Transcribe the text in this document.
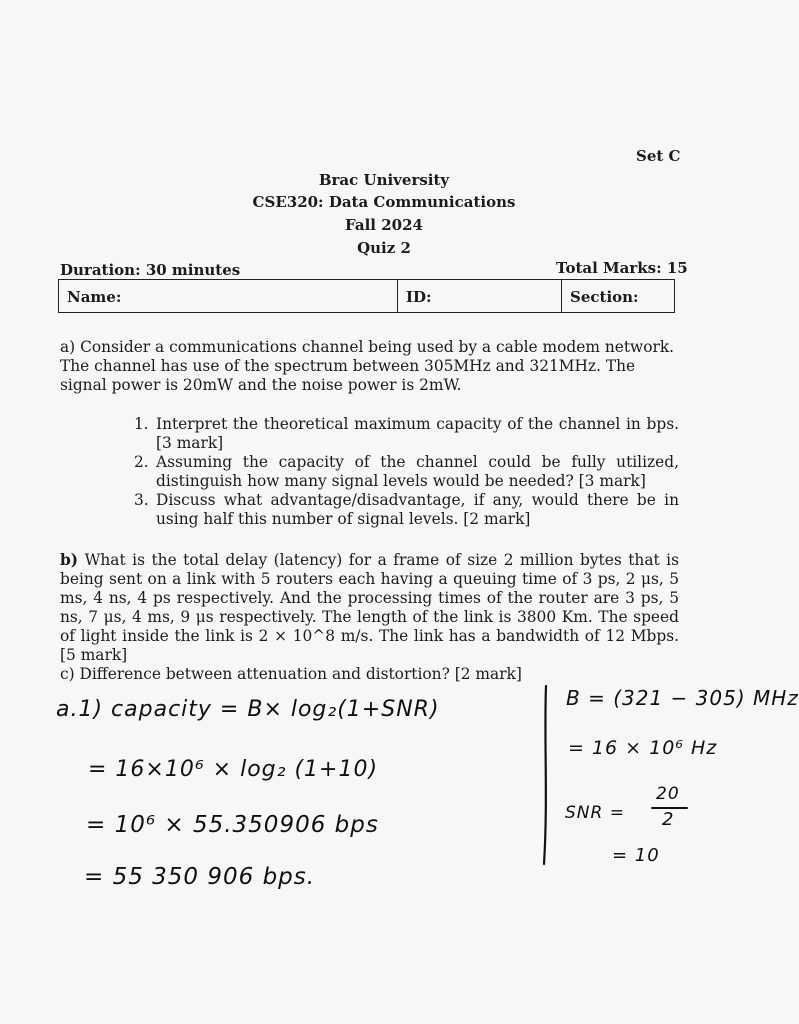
Set C
Brac University
CSE320: Data Communications
Fall 2024
Quiz 2
Duration: 30 minutes	Total Marks: 15
Name:	ID:	Section:
a) Consider a communications channel being used by a cable modem network. The channel has use of the spectrum between 305MHz and 321MHz. The signal power is 20mW and the noise power is 2mW.
1. Interpret the theoretical maximum capacity of the channel in bps. [3 mark]
2. Assuming the capacity of the channel could be fully utilized, distinguish how many signal levels would be needed? [3 mark]
3. Discuss what advantage/disadvantage, if any, would there be in using half this number of signal levels. [2 mark]
b) What is the total delay (latency) for a frame of size 2 million bytes that is being sent on a link with 5 routers each having a queuing time of 3 ps, 2 μs, 5 ms, 4 ns, 4 ps respectively. And the processing times of the router are 3 ps, 5 ns, 7 μs, 4 ms, 9 μs respectively. The length of the link is 3800 Km. The speed of light inside the link is 2 × 10^8 m/s. The link has a bandwidth of 12 Mbps. [5 mark]
c) Difference between attenuation and distortion? [2 mark]
a.1) capacity = B× log₂(1+SNR)
= 16×10⁶ × log₂ (1+10)
= 10⁶ × 55.350906 bps
= 55 350 906 bps.
B = (321 − 305) MHz
= 16 × 10⁶ Hz
SNR =
20
2
= 10
